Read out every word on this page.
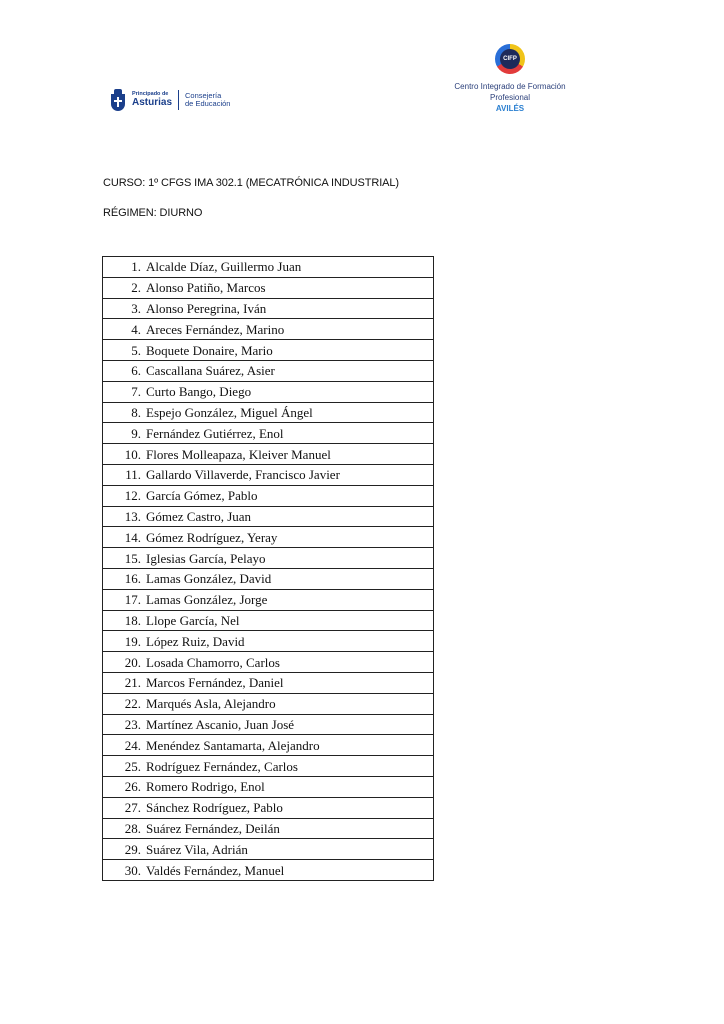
Principado de
Asturias
Consejería
de Educación
CIFP
Centro Integrado de Formación
Profesional
AVILÉS
CURSO: 1º CFGS IMA 302.1 (MECATRÓNICA INDUSTRIAL)
RÉGIMEN: DIURNO
1. Alcalde Díaz, Guillermo Juan
2. Alonso Patiño, Marcos
3. Alonso Peregrina, Iván
4. Areces Fernández, Marino
5. Boquete Donaire, Mario
6. Cascallana Suárez, Asier
7. Curto Bango, Diego
8. Espejo González, Miguel Ángel
9. Fernández Gutiérrez, Enol
10. Flores Molleapaza, Kleiver Manuel
11. Gallardo Villaverde, Francisco Javier
12. García Gómez, Pablo
13. Gómez Castro, Juan
14. Gómez Rodríguez, Yeray
15. Iglesias García, Pelayo
16. Lamas González, David
17. Lamas González, Jorge
18. Llope García, Nel
19. López Ruiz, David
20. Losada Chamorro, Carlos
21. Marcos Fernández, Daniel
22. Marqués Asla, Alejandro
23. Martínez Ascanio, Juan José
24. Menéndez Santamarta, Alejandro
25. Rodríguez Fernández, Carlos
26. Romero Rodrigo, Enol
27. Sánchez Rodríguez, Pablo
28. Suárez Fernández, Deilán
29. Suárez Vila, Adrián
30. Valdés Fernández, Manuel
